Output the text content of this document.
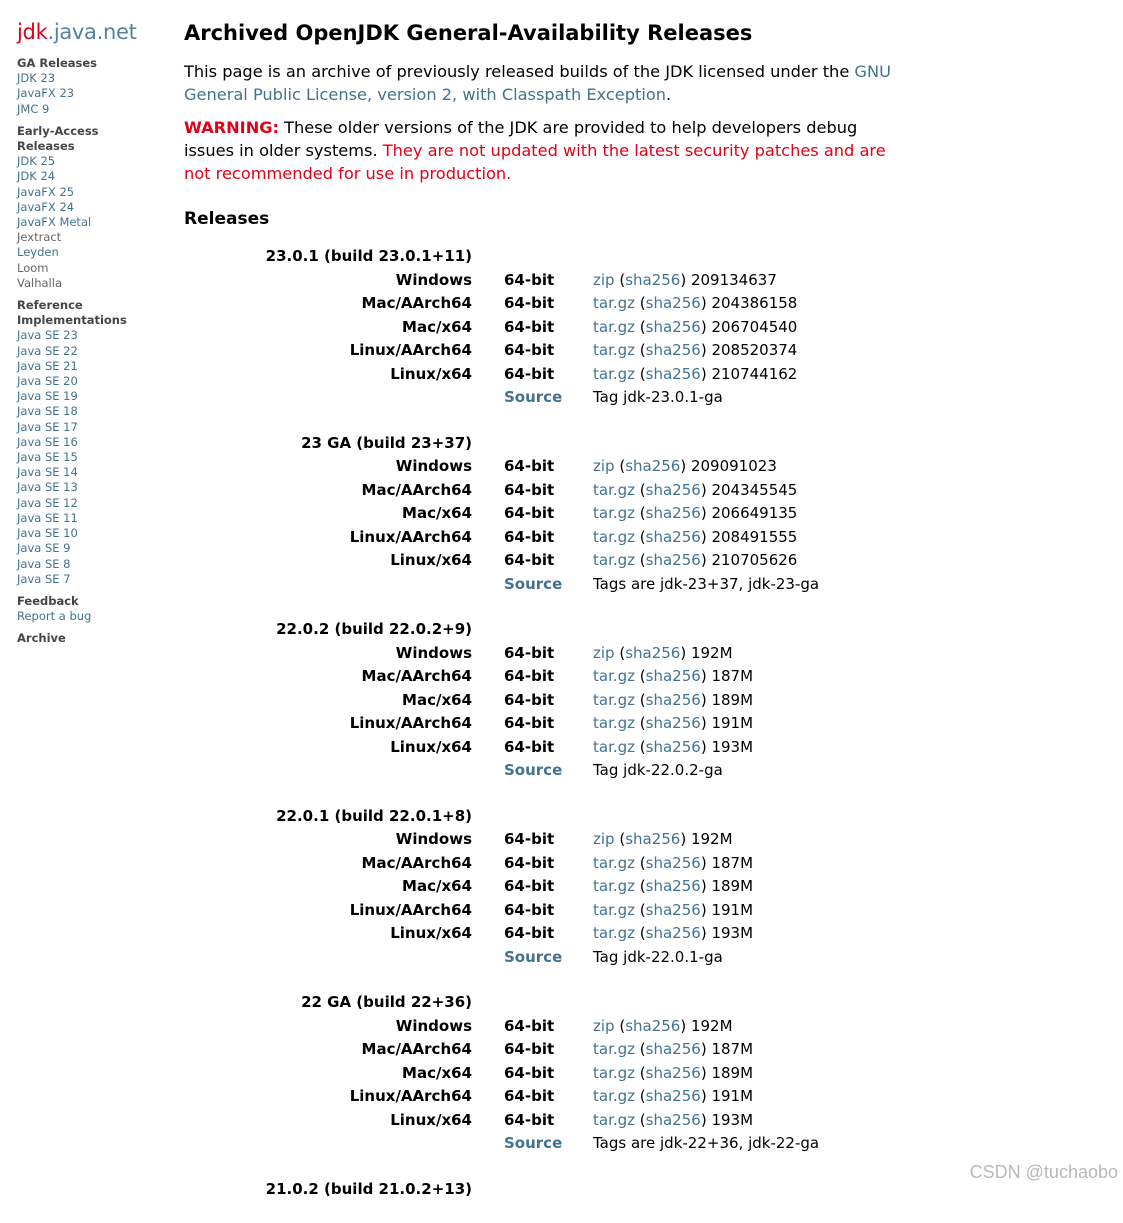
jdk.java.net
GA Releases
JDK 23
JavaFX 23
JMC 9
Early-Access Releases
JDK 25
JDK 24
JavaFX 25
JavaFX 24
JavaFX Metal
Jextract
Leyden
Loom
Valhalla
Reference Implementations
Java SE 23
Java SE 22
Java SE 21
Java SE 20
Java SE 19
Java SE 18
Java SE 17
Java SE 16
Java SE 15
Java SE 14
Java SE 13
Java SE 12
Java SE 11
Java SE 10
Java SE 9
Java SE 8
Java SE 7
Feedback
Report a bug
Archive
Archived OpenJDK General-Availability Releases

This page is an archive of previously released builds of the JDK licensed under the GNU General Public License, version 2, with Classpath Exception.

WARNING: These older versions of the JDK are provided to help developers debug issues in older systems. They are not updated with the latest security patches and are not recommended for use in production.

Releases
23.0.1 (build 23.0.1+11)
Windows	64-bit	zip (sha256) 209134637
Mac/AArch64	64-bit	tar.gz (sha256) 204386158
Mac/x64	64-bit	tar.gz (sha256) 206704540
Linux/AArch64	64-bit	tar.gz (sha256) 208520374
Linux/x64	64-bit	tar.gz (sha256) 210744162
Source	Tag jdk-23.0.1-ga
23 GA (build 23+37)
Windows	64-bit	zip (sha256) 209091023
Mac/AArch64	64-bit	tar.gz (sha256) 204345545
Mac/x64	64-bit	tar.gz (sha256) 206649135
Linux/AArch64	64-bit	tar.gz (sha256) 208491555
Linux/x64	64-bit	tar.gz (sha256) 210705626
Source	Tags are jdk-23+37, jdk-23-ga
22.0.2 (build 22.0.2+9)
Windows	64-bit	zip (sha256) 192M
Mac/AArch64	64-bit	tar.gz (sha256) 187M
Mac/x64	64-bit	tar.gz (sha256) 189M
Linux/AArch64	64-bit	tar.gz (sha256) 191M
Linux/x64	64-bit	tar.gz (sha256) 193M
Source	Tag jdk-22.0.2-ga
22.0.1 (build 22.0.1+8)
Windows	64-bit	zip (sha256) 192M
Mac/AArch64	64-bit	tar.gz (sha256) 187M
Mac/x64	64-bit	tar.gz (sha256) 189M
Linux/AArch64	64-bit	tar.gz (sha256) 191M
Linux/x64	64-bit	tar.gz (sha256) 193M
Source	Tag jdk-22.0.1-ga
22 GA (build 22+36)
Windows	64-bit	zip (sha256) 192M
Mac/AArch64	64-bit	tar.gz (sha256) 187M
Mac/x64	64-bit	tar.gz (sha256) 189M
Linux/AArch64	64-bit	tar.gz (sha256) 191M
Linux/x64	64-bit	tar.gz (sha256) 193M
Source	Tags are jdk-22+36, jdk-22-ga
21.0.2 (build 21.0.2+13)
CSDN @tuchaobo
